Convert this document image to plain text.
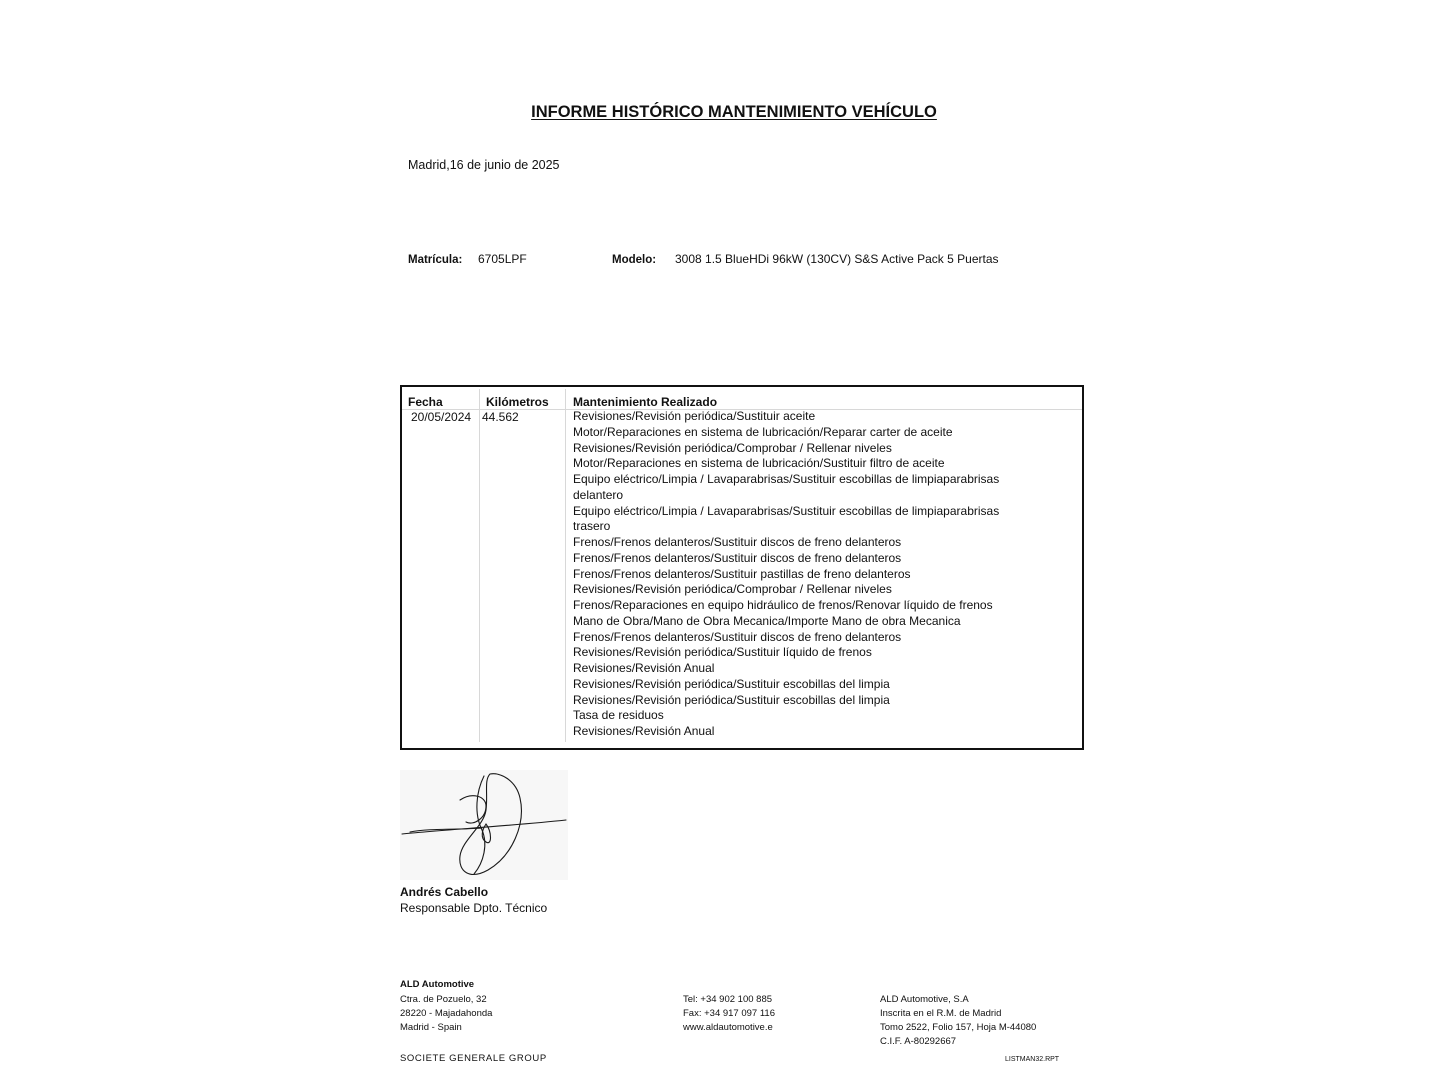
INFORME HISTÓRICO MANTENIMIENTO VEHÍCULO
Madrid,16 de junio de 2025
Matrícula: 6705LPF	Modelo: 3008 1.5 BlueHDi 96kW (130CV) S&S Active Pack 5 Puertas
Fecha	Kilómetros Mantenimiento Realizado
20/05/2024 44.562	Revisiones/Revisión periódica/Sustituir aceite
Motor/Reparaciones en sistema de lubricación/Reparar carter de aceite
Revisiones/Revisión periódica/Comprobar / Rellenar niveles
Motor/Reparaciones en sistema de lubricación/Sustituir filtro de aceite
Equipo eléctrico/Limpia / Lavaparabrisas/Sustituir escobillas de limpiaparabrisas
delantero
Equipo eléctrico/Limpia / Lavaparabrisas/Sustituir escobillas de limpiaparabrisas
trasero
Frenos/Frenos delanteros/Sustituir discos de freno delanteros
Frenos/Frenos delanteros/Sustituir discos de freno delanteros
Frenos/Frenos delanteros/Sustituir pastillas de freno delanteros
Revisiones/Revisión periódica/Comprobar / Rellenar niveles
Frenos/Reparaciones en equipo hidráulico de frenos/Renovar líquido de frenos
Mano de Obra/Mano de Obra Mecanica/Importe Mano de obra Mecanica
Frenos/Frenos delanteros/Sustituir discos de freno delanteros
Revisiones/Revisión periódica/Sustituir líquido de frenos
Revisiones/Revisión Anual
Revisiones/Revisión periódica/Sustituir escobillas del limpia
Revisiones/Revisión periódica/Sustituir escobillas del limpia
Tasa de residuos
Revisiones/Revisión Anual
Andrés Cabello
Responsable Dpto. Técnico
ALD Automotive
Ctra. de Pozuelo, 32
28220 - Majadahonda
Madrid - Spain
Tel: +34 902 100 885
Fax: +34 917 097 116
www.aldautomotive.e
ALD Automotive, S.A
Inscrita en el R.M. de Madrid
Tomo 2522, Folio 157, Hoja M-44080
C.I.F. A-80292667
SOCIETE GENERALE GROUP	LISTMAN32.RPT
